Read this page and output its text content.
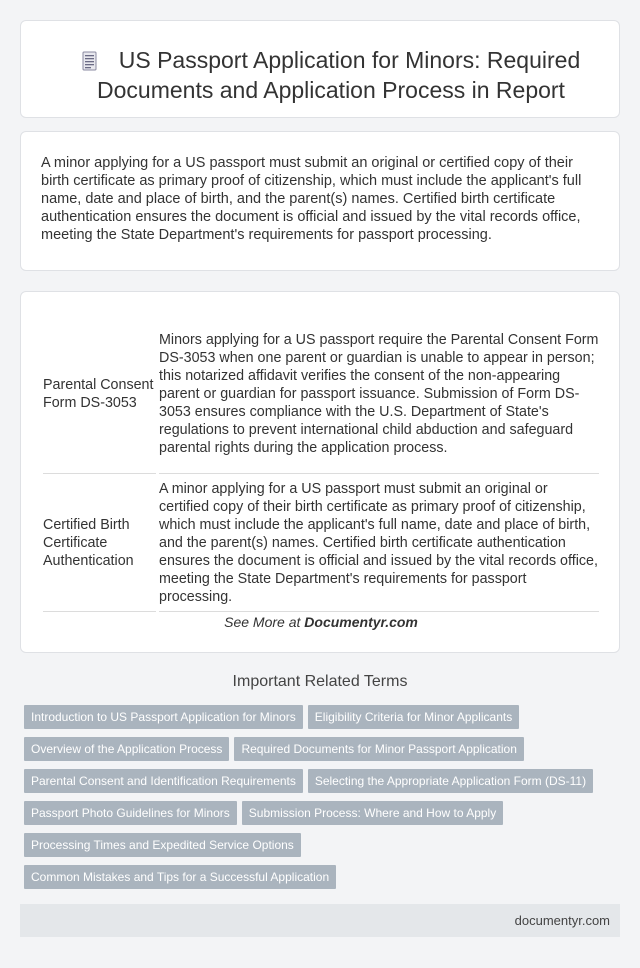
US Passport Application for Minors: Required Documents and Application Process in Report

A minor applying for a US passport must submit an original or certified copy of their birth certificate as primary proof of citizenship, which must include the applicant's full name, date and place of birth, and the parent(s) names. Certified birth certificate authentication ensures the document is official and issued by the vital records office, meeting the State Department's requirements for passport processing.

Parental Consent Form DS-3053	Minors applying for a US passport require the Parental Consent Form DS-3053 when one parent or guardian is unable to appear in person; this notarized affidavit verifies the consent of the non-appearing parent or guardian for passport issuance. Submission of Form DS-3053 ensures compliance with the U.S. Department of State's regulations to prevent international child abduction and safeguard parental rights during the application process.

Certified Birth Certificate Authentication	A minor applying for a US passport must submit an original or certified copy of their birth certificate as primary proof of citizenship, which must include the applicant's full name, date and place of birth, and the parent(s) names. Certified birth certificate authentication ensures the document is official and issued by the vital records office, meeting the State Department's requirements for passport processing.

See More at Documentyr.com
Important Related Terms
Introduction to US Passport Application for Minors Eligibility Criteria for Minor Applicants
Overview of the Application Process Required Documents for Minor Passport Application
Parental Consent and Identification Requirements Selecting the Appropriate Application Form (DS-11)
Passport Photo Guidelines for Minors Submission Process: Where and How to Apply
Processing Times and Expedited Service Options
Common Mistakes and Tips for a Successful Application
documentyr.com
